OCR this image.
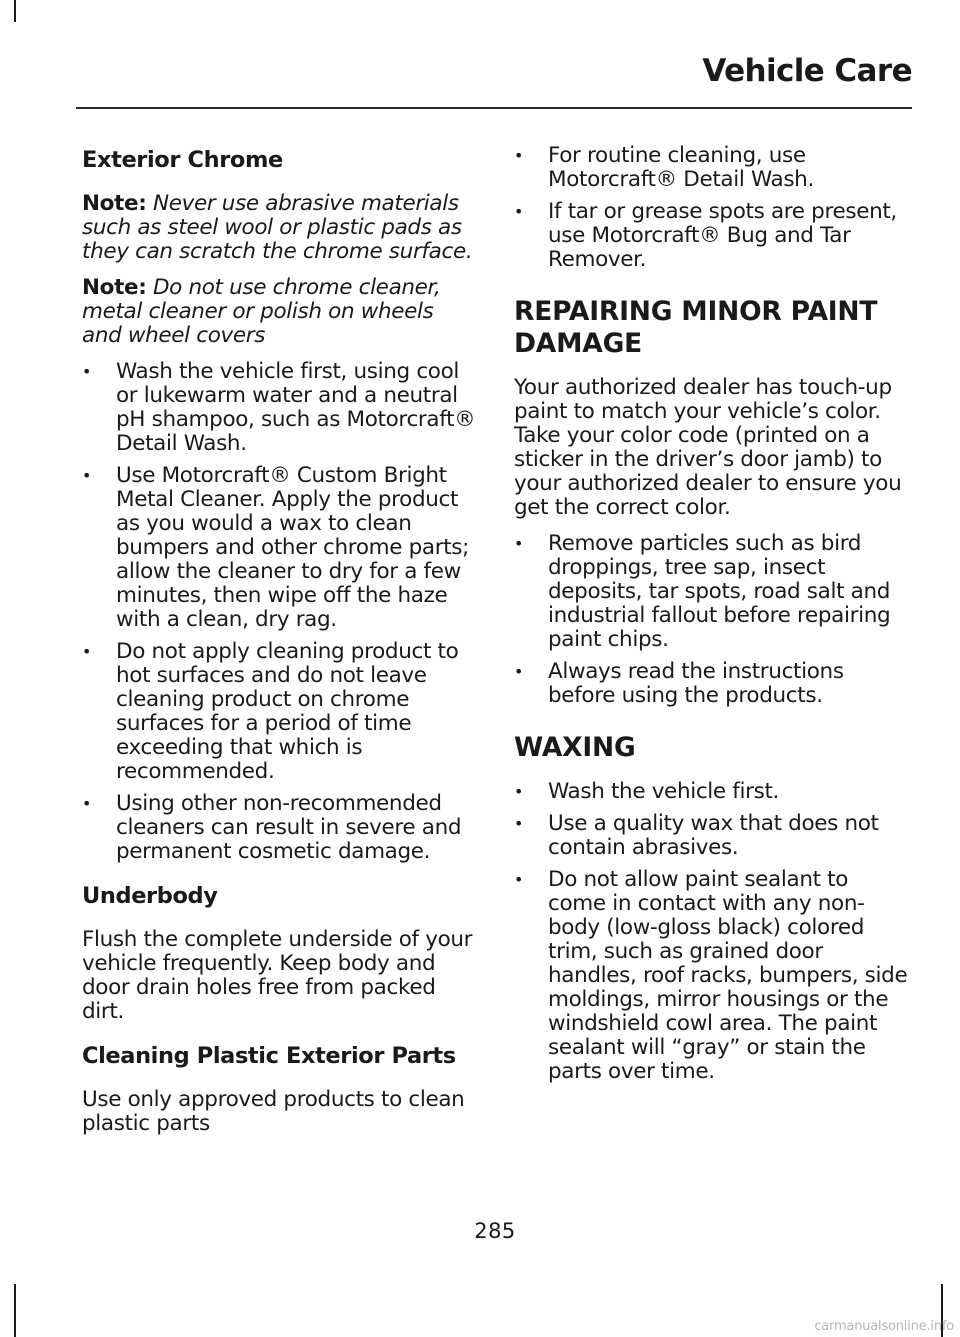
Vehicle Care
Exterior Chrome

Note: Never use abrasive materials such as steel wool or plastic pads as they can scratch the chrome surface.

Note: Do not use chrome cleaner, metal cleaner or polish on wheels and wheel covers

• Wash the vehicle first, using cool or lukewarm water and a neutral pH shampoo, such as Motorcraft® Detail Wash.
• Use Motorcraft® Custom Bright Metal Cleaner. Apply the product as you would a wax to clean bumpers and other chrome parts; allow the cleaner to dry for a few minutes, then wipe off the haze with a clean, dry rag.
• Do not apply cleaning product to hot surfaces and do not leave cleaning product on chrome surfaces for a period of time exceeding that which is recommended.
• Using other non-recommended cleaners can result in severe and permanent cosmetic damage.
Underbody

Flush the complete underside of your vehicle frequently. Keep body and door drain holes free from packed dirt.

Cleaning Plastic Exterior Parts

Use only approved products to clean plastic parts

• For routine cleaning, use Motorcraft® Detail Wash.
• If tar or grease spots are present, use Motorcraft® Bug and Tar Remover.
REPAIRING MINOR PAINT
DAMAGE

Your authorized dealer has touch-up paint to match your vehicle’s color. Take your color code (printed on a sticker in the driver’s door jamb) to your authorized dealer to ensure you get the correct color.

• Remove particles such as bird droppings, tree sap, insect deposits, tar spots, road salt and industrial fallout before repairing paint chips.
• Always read the instructions before using the products.
WAXING
• Wash the vehicle first.
• Use a quality wax that does not contain abrasives.
• Do not allow paint sealant to come in contact with any non-body (low-gloss black) colored trim, such as grained door handles, roof racks, bumpers, side moldings, mirror housings or the windshield cowl area. The paint sealant will “gray” or stain the parts over time.
285
carmanualsonline.info
